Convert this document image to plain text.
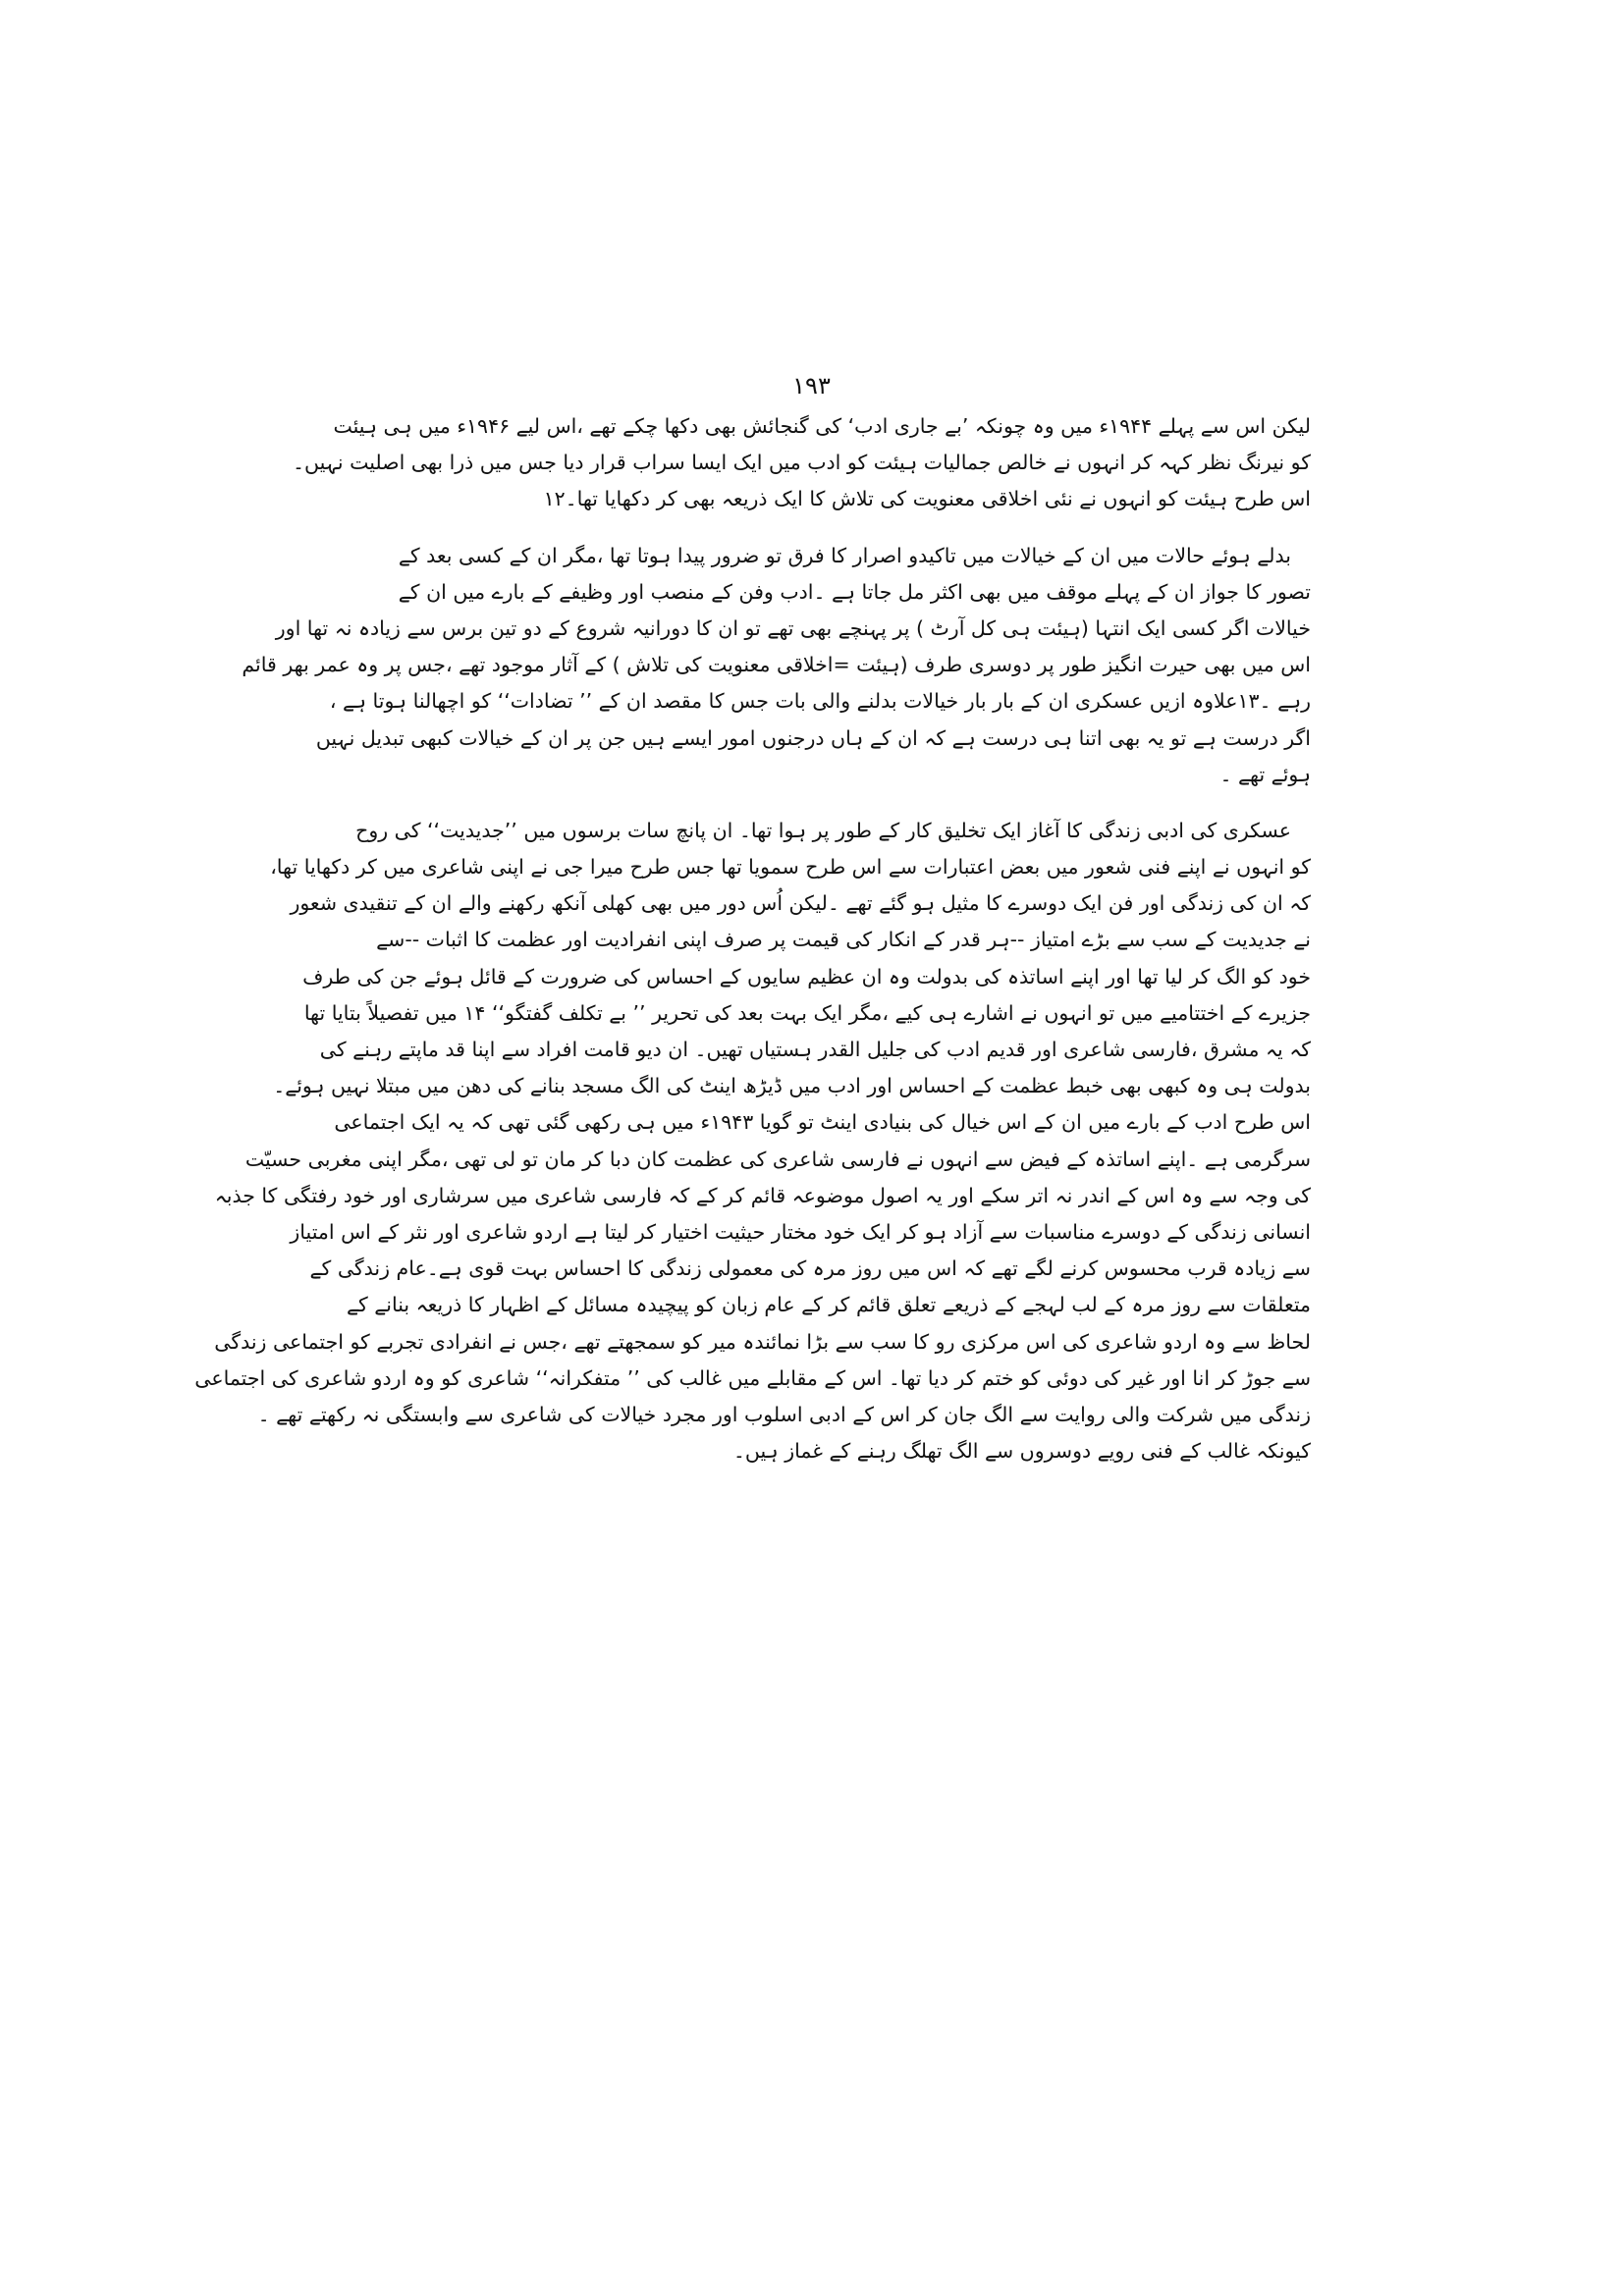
۱۹۳
لیکن اس سے پہلے ۱۹۴۴ء میں وہ چونکہ ’بے جاری ادب‘ کی گنجائش بھی دکھا چکے تھے ،اس لیے ۱۹۴۶ء میں ہی ہیئت
کو نیرنگ نظر کہہ کر انہوں نے خالص جمالیات ہیئت کو ادب میں ایک ایسا سراب قرار دیا جس میں ذرا بھی اصلیت نہیں۔
اس طرح ہیئت کو انہوں نے نئی اخلاقی معنویت کی تلاش کا ایک ذریعہ بھی کر دکھایا تھا۔۱۲
بدلے ہوئے حالات میں ان کے خیالات میں تاکیدو اصرار کا فرق تو ضرور پیدا ہوتا تھا ،مگر ان کے کسی بعد کے
تصور کا جواز ان کے پہلے موقف میں بھی اکثر مل جاتا ہے ۔ادب وفن کے منصب اور وظیفے کے بارے میں ان کے
خیالات اگر کسی ایک انتہا (ہیئت ہی کل آرٹ ) پر پہنچے بھی تھے تو ان کا دورانیہ شروع کے دو تین برس سے زیادہ نہ تھا اور
اس میں بھی حیرت انگیز طور پر دوسری طرف (ہیئت =اخلاقی معنویت کی تلاش ) کے آثار موجود تھے ،جس پر وہ عمر بھر قائم
رہے ۔۱۳علاوہ ازیں عسکری ان کے بار بار خیالات بدلنے والی بات جس کا مقصد ان کے ’’ تضادات‘‘ کو اچھالنا ہوتا ہے ،
اگر درست ہے تو یہ بھی اتنا ہی درست ہے کہ ان کے ہاں درجنوں امور ایسے ہیں جن پر ان کے خیالات کبھی تبدیل نہیں
ہوئے تھے ۔
عسکری کی ادبی زندگی کا آغاز ایک تخلیق کار کے طور پر ہوا تھا۔ ان پانچ سات برسوں میں ’’جدیدیت‘‘ کی روح
کو انہوں نے اپنے فنی شعور میں بعض اعتبارات سے اس طرح سمویا تھا جس طرح میرا جی نے اپنی شاعری میں کر دکھایا تھا،
کہ ان کی زندگی اور فن ایک دوسرے کا مثیل ہو گئے تھے ۔لیکن اُس دور میں بھی کھلی آنکھ رکھنے والے ان کے تنقیدی شعور
نے جدیدیت کے سب سے بڑے امتیاز --ہر قدر کے انکار کی قیمت پر صرف اپنی انفرادیت اور عظمت کا اثبات --سے
خود کو الگ کر لیا تھا اور اپنے اساتذہ کی بدولت وہ ان عظیم سایوں کے احساس کی ضرورت کے قائل ہوئے جن کی طرف
جزیرے کے اختتامیے میں تو انہوں نے اشارے ہی کیے ،مگر ایک بہت بعد کی تحریر ’’ بے تکلف گفتگو‘‘ ۱۴ میں تفصیلاً بتایا تھا
کہ یہ مشرق ،فارسی شاعری اور قدیم ادب کی جلیل القدر ہستیاں تھیں۔ ان دیو قامت افراد سے اپنا قد ماپتے رہنے کی
بدولت ہی وہ کبھی بھی خبط عظمت کے احساس اور ادب میں ڈیڑھ اینٹ کی الگ مسجد بنانے کی دھن میں مبتلا نہیں ہوئے۔
اس طرح ادب کے بارے میں ان کے اس خیال کی بنیادی اینٹ تو گویا ۱۹۴۳ء میں ہی رکھی گئی تھی کہ یہ ایک اجتماعی
سرگرمی ہے ۔اپنے اساتذہ کے فیض سے انہوں نے فارسی شاعری کی عظمت کان دبا کر مان تو لی تھی ،مگر اپنی مغربی حسیّت
کی وجہ سے وہ اس کے اندر نہ اتر سکے اور یہ اصول موضوعہ قائم کر کے کہ فارسی شاعری میں سرشاری اور خود رفتگی کا جذبہ
انسانی زندگی کے دوسرے مناسبات سے آزاد ہو کر ایک خود مختار حیثیت اختیار کر لیتا ہے اردو شاعری اور نثر کے اس امتیاز
سے زیادہ قرب محسوس کرنے لگے تھے کہ اس میں روز مرہ کی معمولی زندگی کا احساس بہت قوی ہے۔عام زندگی کے
متعلقات سے روز مرہ کے لب لہجے کے ذریعے تعلق قائم کر کے عام زبان کو پیچیدہ مسائل کے اظہار کا ذریعہ بنانے کے
لحاظ سے وہ اردو شاعری کی اس مرکزی رو کا سب سے بڑا نمائندہ میر کو سمجھتے تھے ،جس نے انفرادی تجربے کو اجتماعی زندگی
سے جوڑ کر انا اور غیر کی دوئی کو ختم کر دیا تھا۔ اس کے مقابلے میں غالب کی ’’ متفکرانہ‘‘ شاعری کو وہ اردو شاعری کی اجتماعی
زندگی میں شرکت والی روایت سے الگ جان کر اس کے ادبی اسلوب اور مجرد خیالات کی شاعری سے وابستگی نہ رکھتے تھے ۔
کیونکہ غالب کے فنی رویے دوسروں سے الگ تھلگ رہنے کے غماز ہیں۔
